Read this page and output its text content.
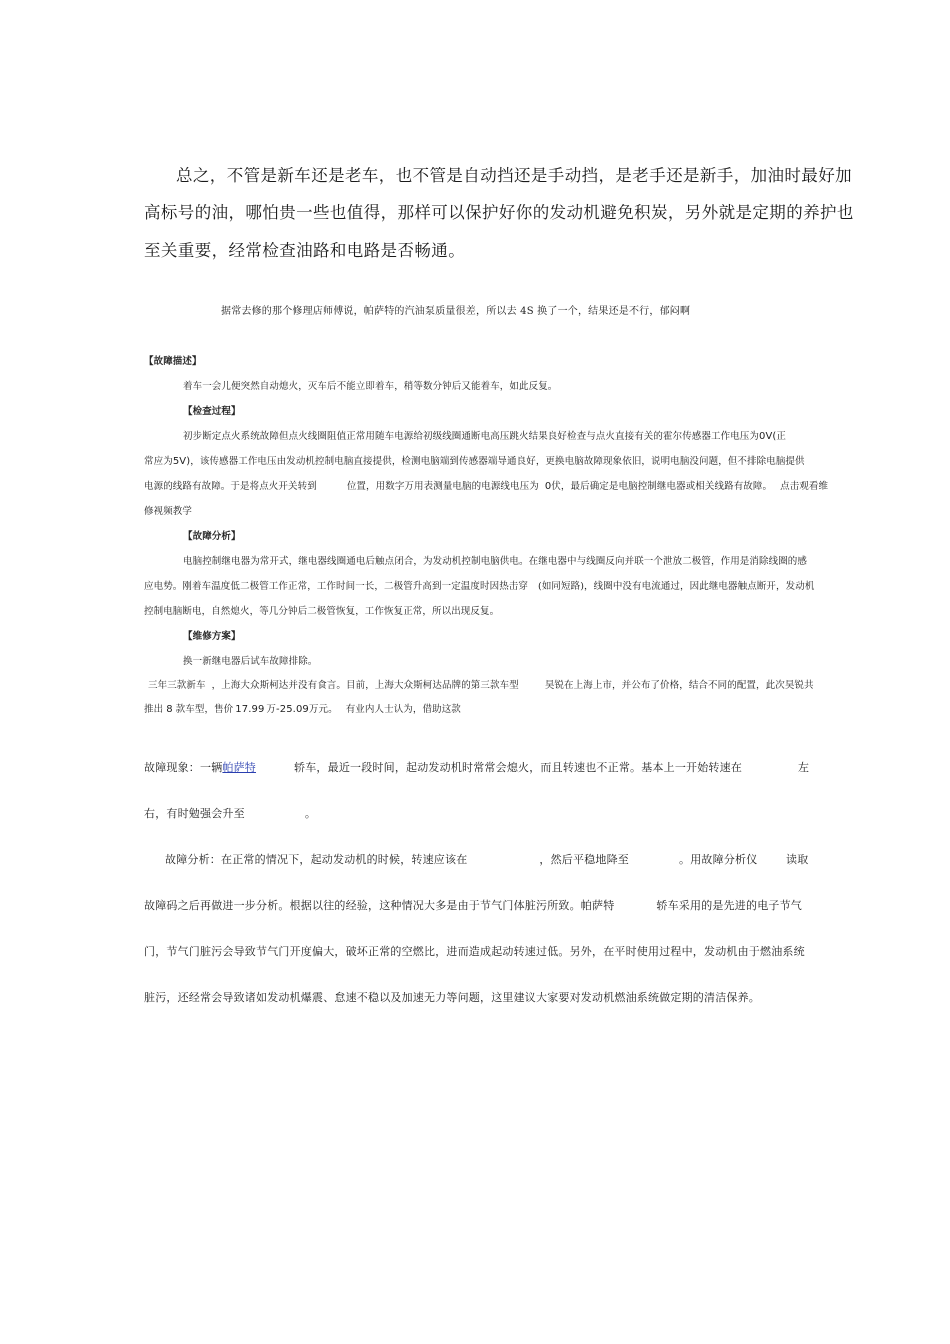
总之，不管是新车还是老车，也不管是自动挡还是手动挡，是老手还是新手，加油时最好加

高标号的油，哪怕贵一些也值得，那样可以保护好你的发动机避免积炭，另外就是定期的养护也

至关重要，经常检查油路和电路是否畅通。

据常去修的那个修理店师傅说，帕萨特的汽油泵质量很差，所以去 4S 换了一个，结果还是不行，郁闷啊

【故障描述】

着车一会儿便突然自动熄火，灭车后不能立即着车，稍等数分钟后又能着车，如此反复。

【检查过程】

初步断定点火系统故障但点火线圈阻值正常用随车电源给初级线圈通断电高压跳火结果良好检查与点火直接有关的霍尔传感器工作电压为0V(正

常应为5V)，该传感器工作电压由发动机控制电脑直接提供，检测电脑端到传感器端导通良好，更换电脑故障现象依旧，说明电脑没问题，但不排除电脑提供

电源的线路有故障。于是将点火开关转到	位置，用数字万用表测量电脑的电源线电压为 0伏，最后确定是电脑控制继电器或相关线路有故障。 点击观看维

修视频教学

【故障分析】

电脑控制继电器为常开式，继电器线圈通电后触点闭合，为发动机控制电脑供电。在继电器中与线圈反向并联一个泄放二极管，作用是消除线圈的感

应电势。刚着车温度低二极管工作正常，工作时间一长，二极管升高到一定温度时因热击穿 (如同短路)，线圈中没有电流通过，因此继电器触点断开，发动机

控制电脑断电，自然熄火，等几分钟后二极管恢复，工作恢复正常，所以出现反复。

【维修方案】

换一新继电器后试车故障排除。

三年三款新车 ，上海大众斯柯达并没有食言。目前，上海大众斯柯达品牌的第三款车型	昊锐在上海上市，并公布了价格，结合不同的配置，此次昊锐共

推出 8 款车型，售价 17.99 万-25.09万元。 有业内人士认为，借助这款

故障现象：一辆帕萨特	轿车，最近一段时间，起动发动机时常常会熄火，而且转速也不正常。基本上一开始转速在	左

右，有时勉强会升至	。

故障分析：在正常的情况下，起动发动机的时候，转速应该在	，然后平稳地降至	。用故障分析仪	读取

故障码之后再做进一步分析。根据以往的经验，这种情况大多是由于节气门体脏污所致。帕萨特	轿车采用的是先进的电子节气

门，节气门脏污会导致节气门开度偏大，破坏正常的空燃比，进而造成起动转速过低。另外，在平时使用过程中，发动机由于燃油系统

脏污，还经常会导致诸如发动机爆震、怠速不稳以及加速无力等问题，这里建议大家要对发动机燃油系统做定期的清洁保养。
